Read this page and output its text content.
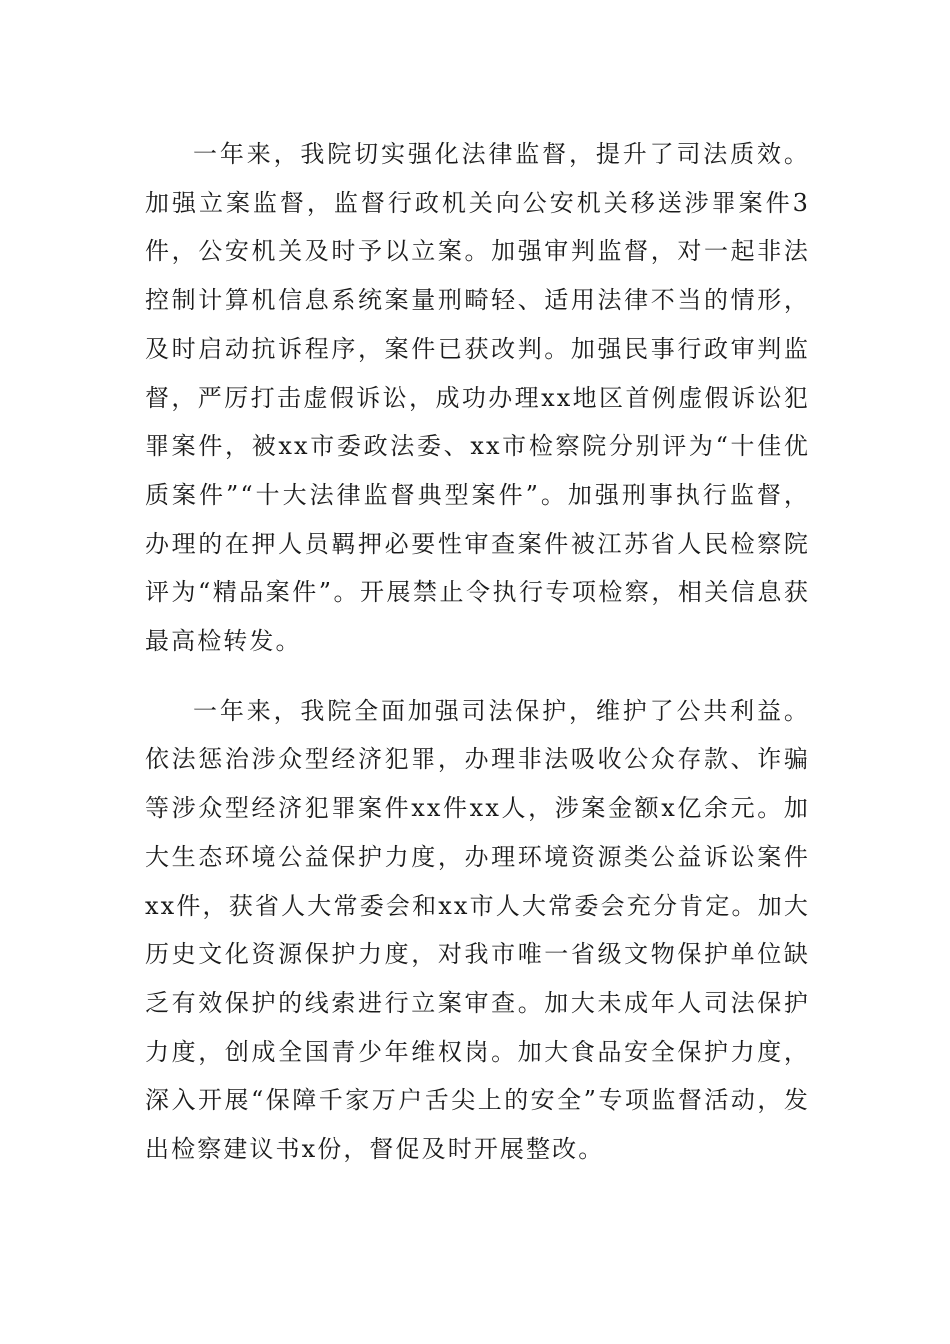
一年来，我院切实强化法律监督，提升了司法质效。加强立案监督，监督行政机关向公安机关移送涉罪案件3件，公安机关及时予以立案。加强审判监督，对一起非法控制计算机信息系统案量刑畸轻、适用法律不当的情形，及时启动抗诉程序，案件已获改判。加强民事行政审判监督，严厉打击虚假诉讼，成功办理xx地区首例虚假诉讼犯罪案件，被xx市委政法委、xx市检察院分别评为“十佳优质案件”“十大法律监督典型案件”。加强刑事执行监督，办理的在押人员羁押必要性审查案件被江苏省人民检察院评为“精品案件”。开展禁止令执行专项检察，相关信息获最高检转发。

一年来，我院全面加强司法保护，维护了公共利益。依法惩治涉众型经济犯罪，办理非法吸收公众存款、诈骗等涉众型经济犯罪案件xx件xx人，涉案金额x亿余元。加大生态环境公益保护力度，办理环境资源类公益诉讼案件xx件，获省人大常委会和xx市人大常委会充分肯定。加大历史文化资源保护力度，对我市唯一省级文物保护单位缺乏有效保护的线索进行立案审查。加大未成年人司法保护力度，创成全国青少年维权岗。加大食品安全保护力度，深入开展“保障千家万户舌尖上的安全”专项监督活动，发出检察建议书x份，督促及时开展整改。
